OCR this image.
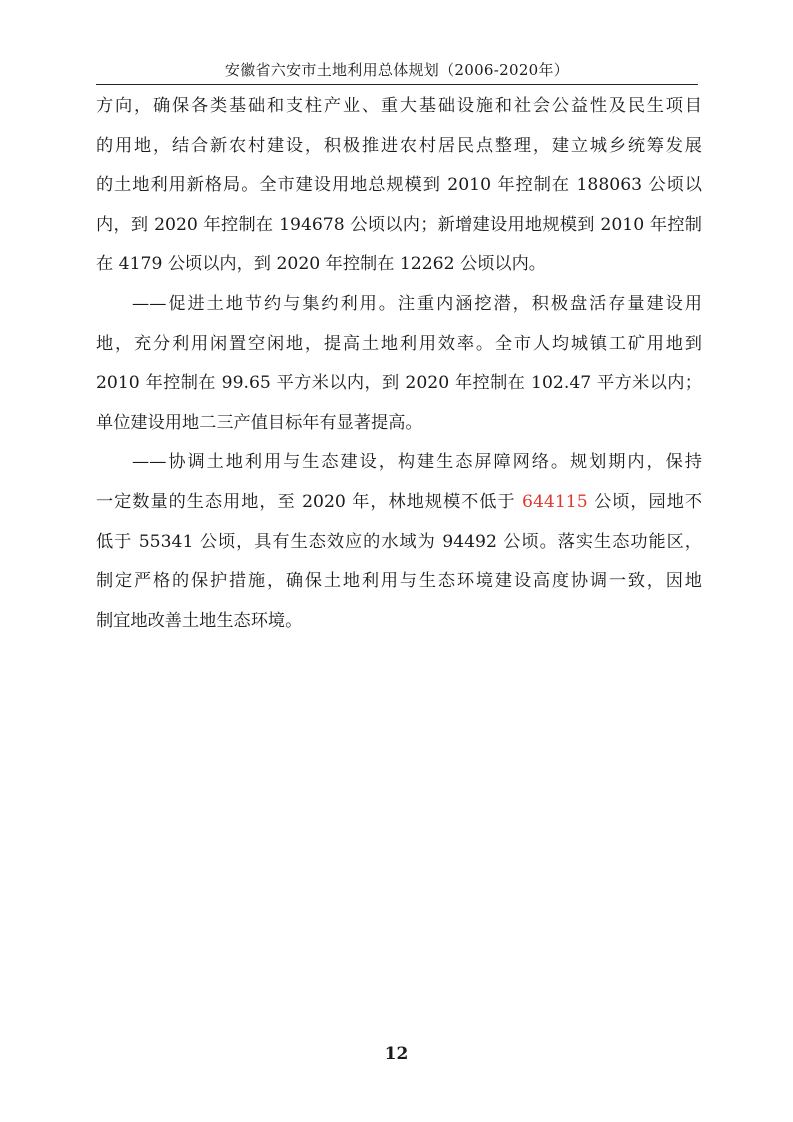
安徽省六安市土地利用总体规划（2006-2020年）
方向，确保各类基础和支柱产业、重大基础设施和社会公益性及民生项目
的用地，结合新农村建设，积极推进农村居民点整理，建立城乡统筹发展
的土地利用新格局。全市建设用地总规模到 2010 年控制在 188063 公顷以
内，到 2020 年控制在 194678 公顷以内；新增建设用地规模到 2010 年控制
在 4179 公顷以内，到 2020 年控制在 12262 公顷以内。
——促进土地节约与集约利用。注重内涵挖潜，积极盘活存量建设用
地，充分利用闲置空闲地，提高土地利用效率。全市人均城镇工矿用地到
2010 年控制在 99.65 平方米以内，到 2020 年控制在 102.47 平方米以内；
单位建设用地二三产值目标年有显著提高。
——协调土地利用与生态建设，构建生态屏障网络。规划期内，保持
一定数量的生态用地，至 2020 年，林地规模不低于 644115 公顷，园地不
低于 55341 公顷，具有生态效应的水域为 94492 公顷。落实生态功能区，
制定严格的保护措施，确保土地利用与生态环境建设高度协调一致，因地
制宜地改善土地生态环境。
12
